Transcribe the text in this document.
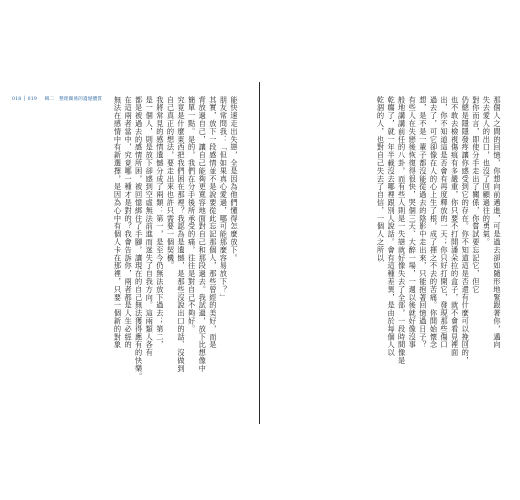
018 │ 019 輯二　整理關係的遺憾體質	那個人之間的回憶，你想向前邁進，可是過去卻如隨形地緊跟著你，邁向
失去愛人的出口，也沒了回顧過往的勇氣。
對你而言，即使分手走出了關係，你嘗試要忘記它，但它
仍總是隱隱發疼讓你感受到它的存在。你不知道這是否還有什麼可以挽回的，
也不敢去檢視傷痕有多嚴重，你只要不打開潘朵拉的盒子，就不會看見裡面
出，你不知道這是否會有再度釋放的一天；你只好打開它，發現那些傷口
過去了，可它卻像在人的心上生了根，成了揮之不去的苦痛。你開始懷念
想，是不是一輩子都沒能從過去的陰影中走出來，只能抱著回憶過日子？
有些人在失戀後恢復得很快，哭個三天、大醉一場，一週以後就好像沒事
般地講講前任的八卦，而有些人則是一失戀就好像失去了全部，一段時間像是
乾癟了，就一年半載沒去哪裡跟別人說話。會有這種差異，是由於每個人以
乾涸的人，也對自己失去了自信，一個人之所以
能快速走出失戀，全是因為他們懂得怎麼放下。
朋友常問我：「但如果真心愛過，哪可能那麼容易放下？」
其實，放下一段感情並不是說要從此忘記那個人，那些曾經的美好，而是
背放過自己，讓自己能夠更寬容地面對自己和那段過去。我試過，放下比想像中
簡單一點。是的，我們在分手後所承受的痛，往往是對自己不夠好。
究竟是什麼東西把我們困在那裡？我認為是遺憾，是那些沒說出口的話、沒做到
自己真正的想法，要走出來也許只需要一個契機。
我將常見的感情遺憾分成了兩類：第一，是至今仍無法放下過去；第二，
是一個人，則是放下卻感到空虛無法前進而迷失了自我方向。這兩類人各有
都是被過去的感情所困，被回憶綁住了手腳，讓現在的自己無法獲得應有的快樂。
在這兩者當中，究竟哪一種才是對的？我會告訴你，兩者都是人生必經的
無法在感情中有新選擇，是因為心中有個人卡在那裡，只要一個新的對象
